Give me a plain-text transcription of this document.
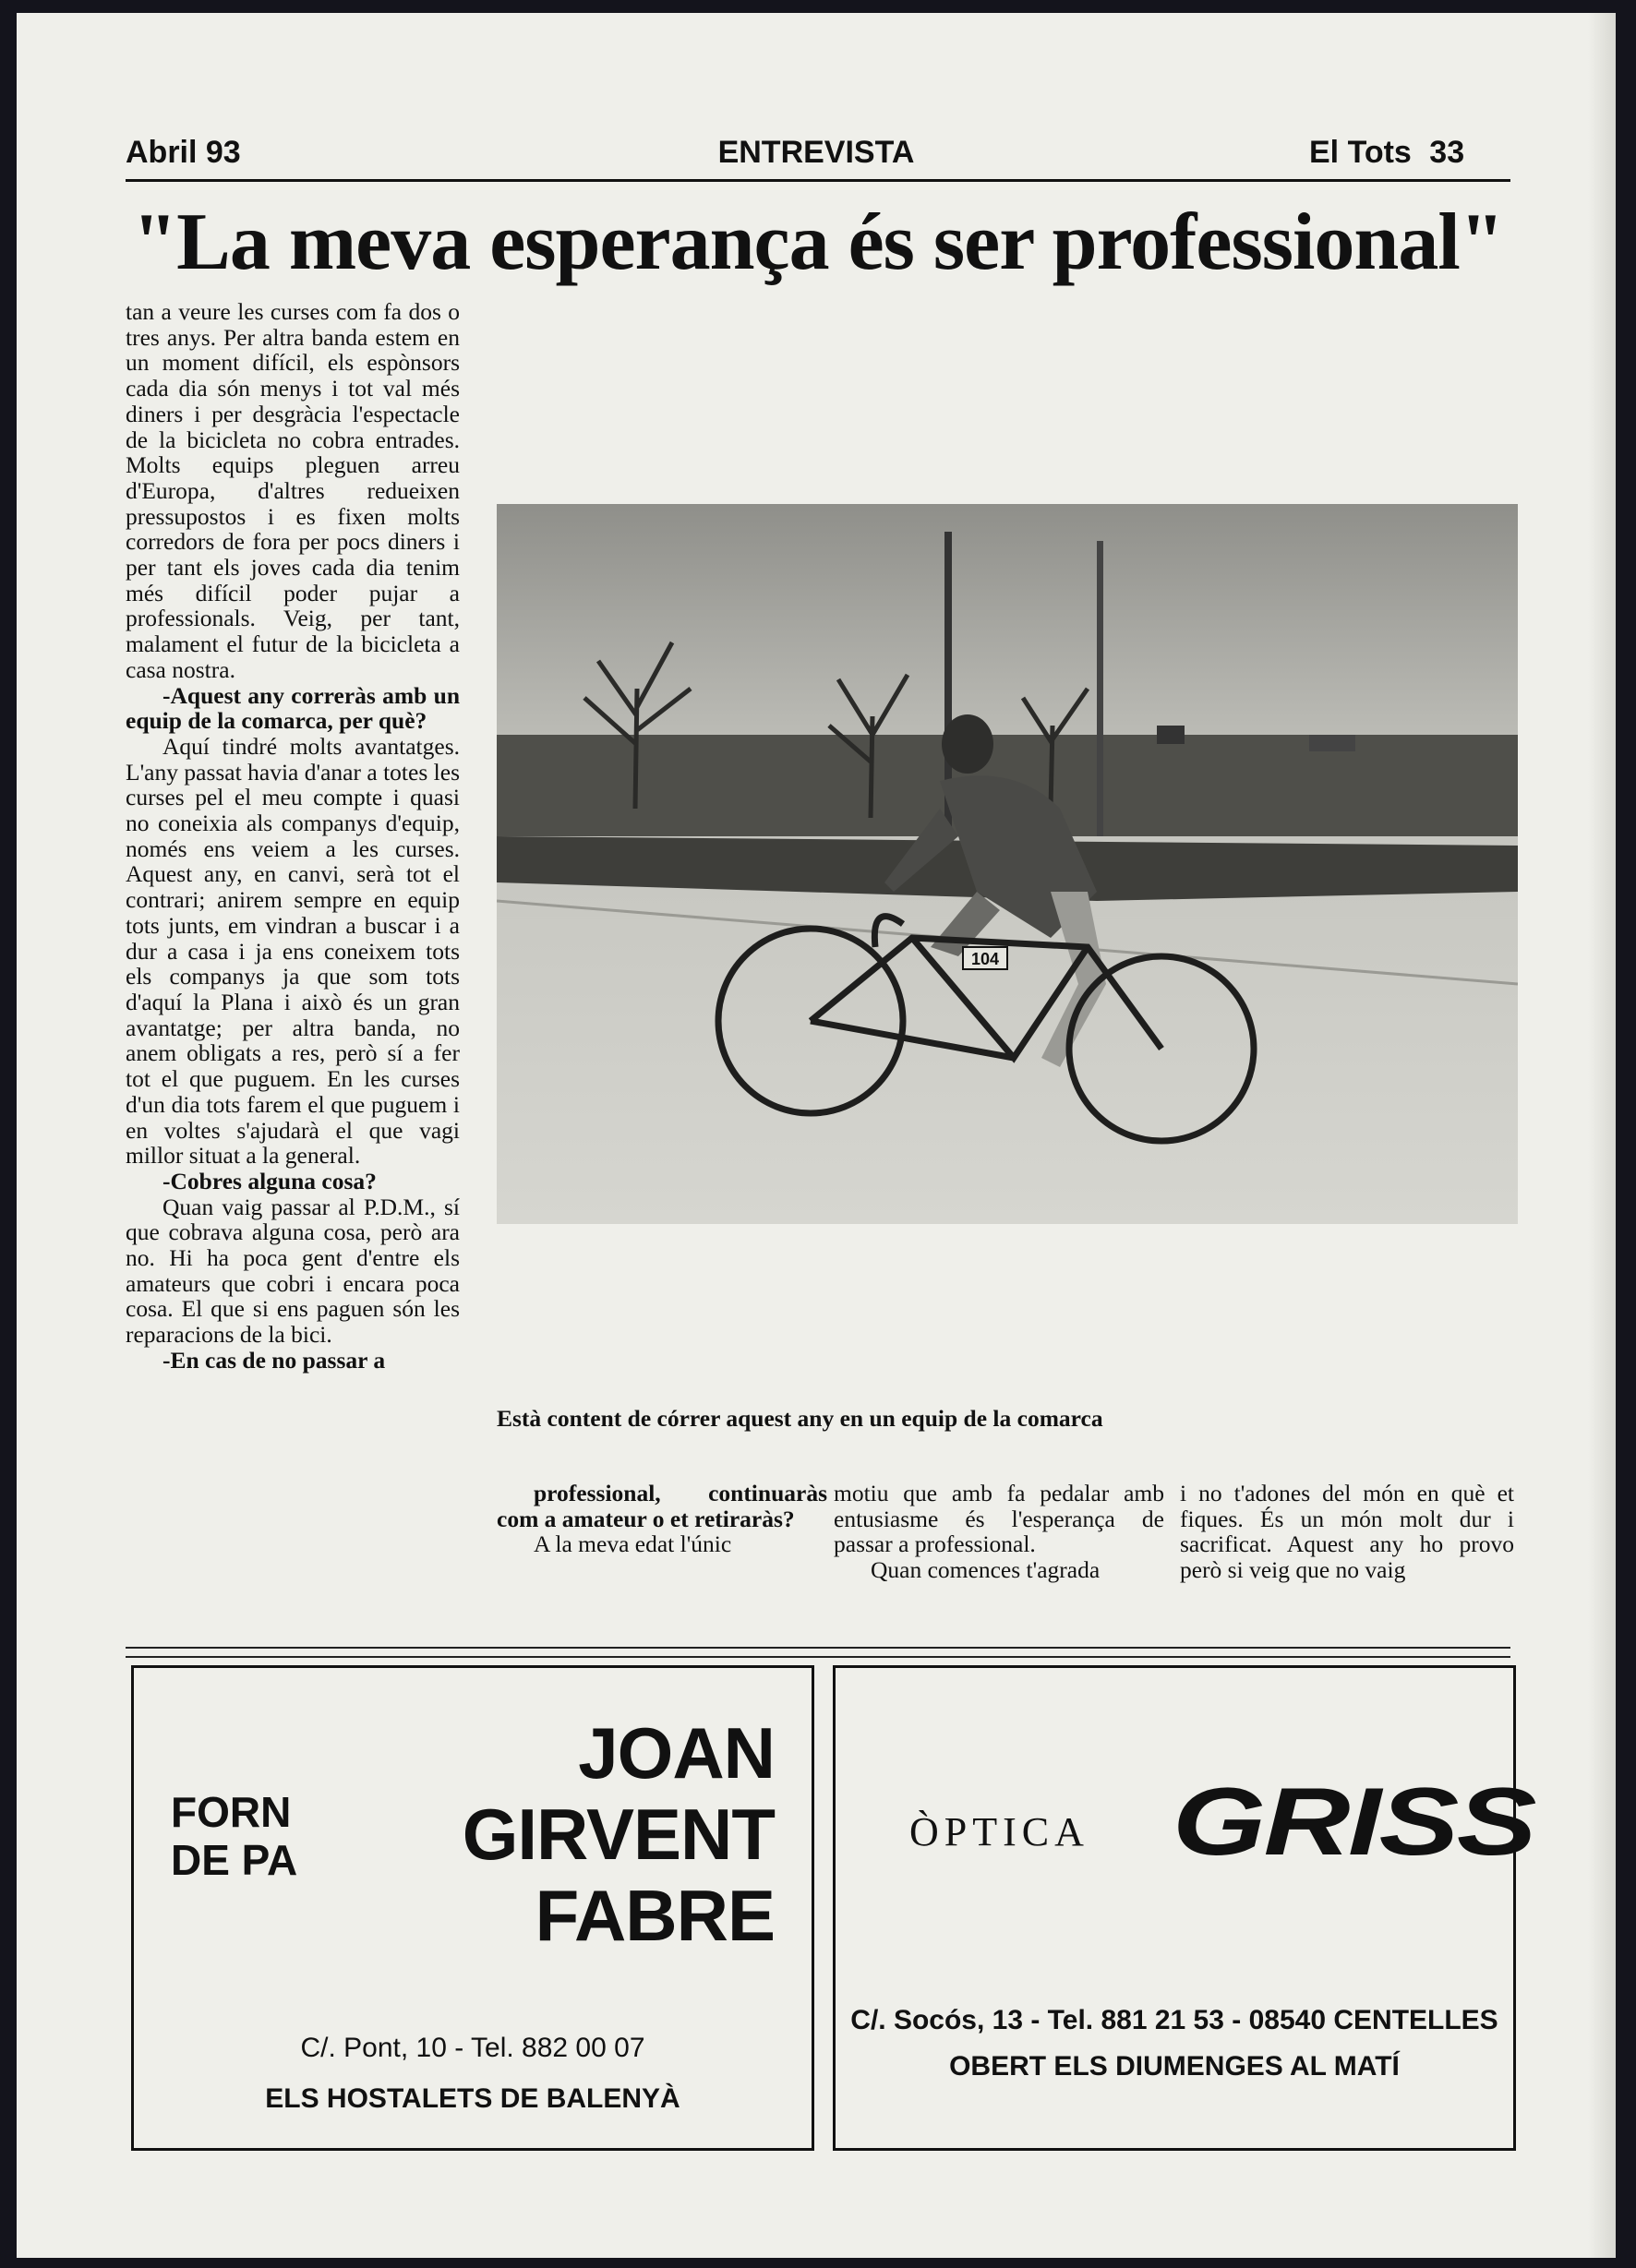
Abril 93	ENTREVISTA	El Tots 33
"La meva esperança és ser professional"

tan a veure les curses com fa dos o tres anys. Per altra banda estem en un moment difícil, els espònsors cada dia són menys i tot val més diners i per desgràcia l'espectacle de la bicicleta no cobra entrades. Molts equips pleguen arreu d'Europa, d'altres redueixen pressupostos i es fixen molts corredors de fora per pocs diners i per tant els joves cada dia tenim més difícil poder pujar a professionals. Veig, per tant, malament el futur de la bicicleta a casa nostra.

-Aquest any correràs amb un equip de la comarca, per què?

Aquí tindré molts avantatges. L'any passat havia d'anar a totes les curses pel el meu compte i quasi no coneixia als companys d'equip, només ens veiem a les curses. Aquest any, en canvi, serà tot el contrari; anirem sempre en equip tots junts, em vindran a buscar i a dur a casa i ja ens coneixem tots els companys ja que som tots d'aquí la Plana i això és un gran avantatge; per altra banda, no anem obligats a res, però sí a fer tot el que puguem. En les curses d'un dia tots farem el que puguem i en voltes s'ajudarà el que vagi millor situat a la general.

-Cobres alguna cosa?

Quan vaig passar al P.D.M., sí que cobrava alguna cosa, però ara no. Hi ha poca gent d'entre els amateurs que cobri i encara poca cosa. El que si ens paguen són les reparacions de la bici.

-En cas de no passar a

104
Està content de córrer aquest any en un equip de la comarca

professional, continuaràs com a amateur o et retiraràs?

A la meva edat l'únic

motiu que amb fa pedalar amb entusiasme és l'esperança de passar a professional.

Quan comences t'agrada

i no t'adones del món en què et fiques. És un món molt dur i sacrificat. Aquest any ho provo però si veig que no vaig

FORN
DE PA
JOAN
GIRVENT
FABRE
C/. Pont, 10 - Tel. 882 00 07
ELS HOSTALETS DE BALENYÀ
ÒPTICA GRISS
C/. Socós, 13 - Tel. 881 21 53 - 08540 CENTELLES
OBERT ELS DIUMENGES AL MATÍ
